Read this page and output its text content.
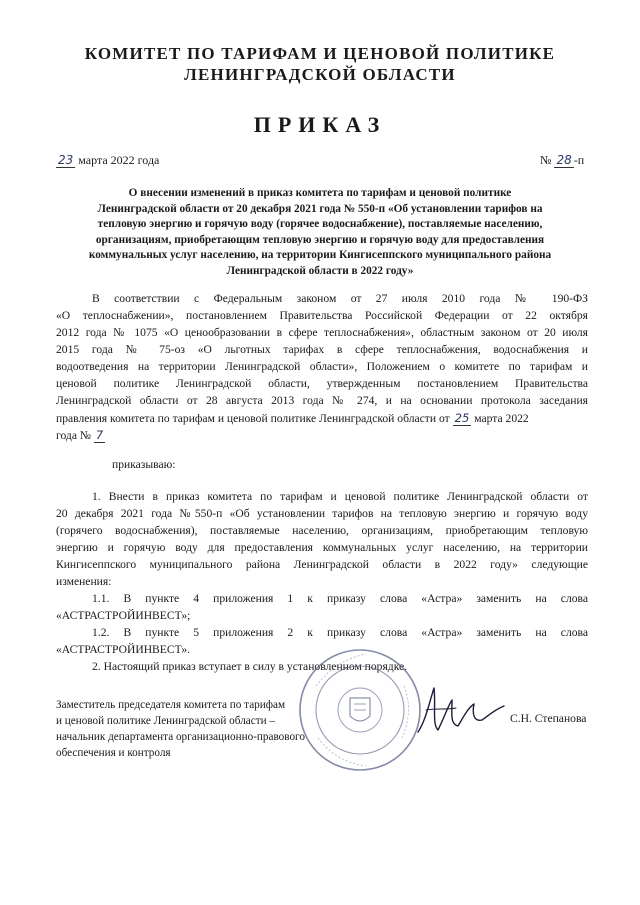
КОМИТЕТ ПО ТАРИФАМ И ЦЕНОВОЙ ПОЛИТИКЕ
ЛЕНИНГРАДСКОЙ ОБЛАСТИ
ПРИКАЗ
23 марта 2022 года	№ 28 -п
О внесении изменений в приказ комитета по тарифам и ценовой политике
Ленинградской области от 20 декабря 2021 года № 550-п «Об установлении тарифов на
тепловую энергию и горячую воду (горячее водоснабжение), поставляемые населению,
организациям, приобретающим тепловую энергию и горячую воду для предоставления
коммунальных услуг населению, на территории Кингисеппского муниципального района
Ленинградской области в 2022 году»
В соответствии с Федеральным законом от 27 июля 2010 года № 190-ФЗ
«О теплоснабжении», постановлением Правительства Российской Федерации от 22 октября
2012 года № 1075 «О ценообразовании в сфере теплоснабжения», областным законом от 20 июля
2015 года № 75-оз «О льготных тарифах в сфере теплоснабжения, водоснабжения и
водоотведения на территории Ленинградской области», Положением о комитете по тарифам и
ценовой политике Ленинградской области, утвержденным постановлением Правительства
Ленинградской области от 28 августа 2013 года № 274, и на основании протокола заседания
правления комитета по тарифам и ценовой политике Ленинградской области от 25 марта 2022
года № 7
приказываю:
1. Внести в приказ комитета по тарифам и ценовой политике Ленинградской области от
20 декабря 2021 года №550-п «Об установлении тарифов на тепловую энергию и горячую воду
(горячего водоснабжения), поставляемые населению, организациям, приобретающим тепловую
энергию и горячую воду для предоставления коммунальных услуг населению, на территории
Кингисеппского муниципального района Ленинградской области в 2022 году» следующие
изменения:
1.1. В пункте 4 приложения 1 к приказу слова «Астра» заменить на слова
«АСТРАСТРОЙИНВЕСТ»;
1.2. В пункте 5 приложения 2 к приказу слова «Астра» заменить на слова
«АСТРАСТРОЙИНВЕСТ».
2. Настоящий приказ вступает в силу в установленном порядке.
Заместитель председателя комитета по тарифам
и ценовой политике Ленинградской области –
начальник департамента организационно-правового
обеспечения и контроля
С.Н. Степанова
